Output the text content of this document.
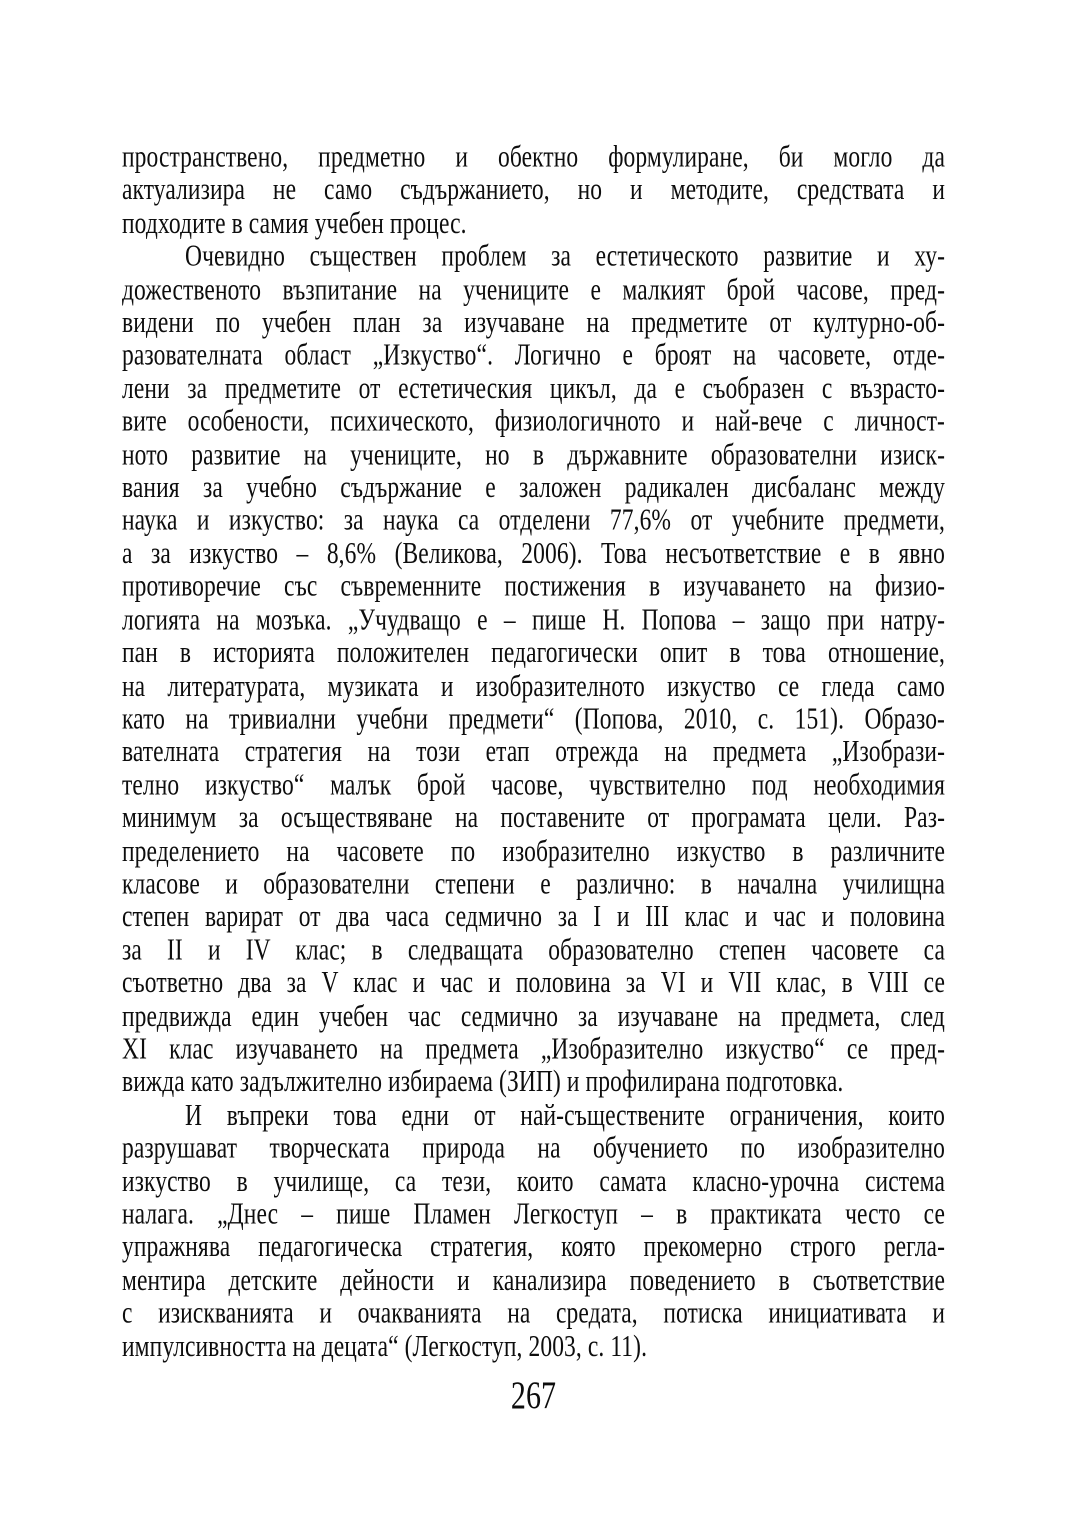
пространствено, предметно и обектно формулиране, би могло да
актуализира не само съдържанието, но и методите, средствата и
подходите в самия учебен процес.
Очевидно съществен проблем за естетическото развитие и ху-
дожественото възпитание на учениците е малкият брой часове, пред-
видени по учебен план за изучаване на предметите от културно-об-
разователната област „Изкуство“. Логично е броят на часовете, отде-
лени за предметите от естетическия цикъл, да е съобразен с възрасто-
вите особености, психическото, физиологичното и най-вече с личност-
ното развитие на учениците, но в държавните образователни изиск-
вания за учебно съдържание е заложен радикален дисбаланс между
наука и изкуство: за наука са отделени 77,6% от учебните предмети,
а за изкуство – 8,6% (Великова, 2006). Това несъответствие е в явно
противоречие със съвременните постижения в изучаването на физио-
логията на мозъка. „Учудващо е – пише Н. Попова – защо при натру-
пан в историята положителен педагогически опит в това отношение,
на литературата, музиката и изобразителното изкуство се гледа само
като на тривиални учебни предмети“ (Попова, 2010, с. 151). Образо-
вателната стратегия на този етап отрежда на предмета „Изобрази-
телно изкуство“ малък брой часове, чувствително под необходимия
минимум за осъществяване на поставените от програмата цели. Раз-
пределението на часовете по изобразително изкуство в различните
класове и образователни степени е различно: в начална училищна
степен варират от два часа седмично за I и III клас и час и половина
за II и IV клас; в следващата образователно степен часовете са
съответно два за V клас и час и половина за VI и VII клас, в VIII се
предвижда един учебен час седмично за изучаване на предмета, след
XI клас изучаването на предмета „Изобразително изкуство“ се пред-
вижда като задължително избираема (ЗИП) и профилирана подготовка.
И въпреки това едни от най-съществените ограничения, които
разрушават творческата природа на обучението по изобразително
изкуство в училище, са тези, които самата класно-урочна система
налага. „Днес – пише Пламен Легкоступ – в практиката често се
упражнява педагогическа стратегия, която прекомерно строго регла-
ментира детските дейности и канализира поведението в съответствие
с изискванията и очакванията на средата, потиска инициативата и
импулсивността на децата“ (Легкоступ, 2003, с. 11).
267
